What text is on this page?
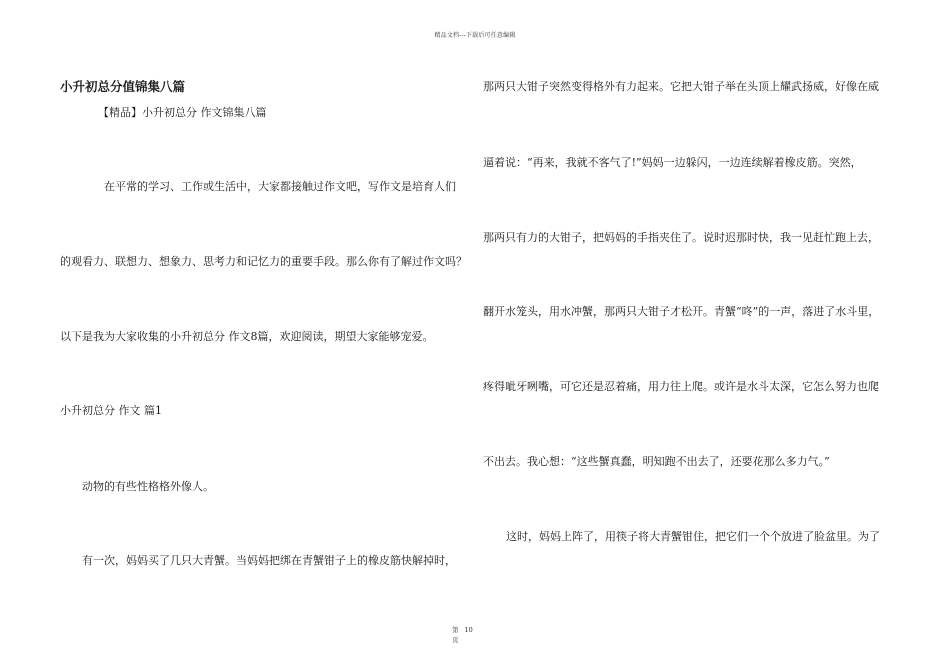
精品文档---下载后可任意编辑
小升初总分值锦集八篇
【精品】小升初总分 作文锦集八篇
在平常的学习、工作或生活中，大家都接触过作文吧，写作文是培育人们
的观看力、联想力、想象力、思考力和记忆力的重要手段。那么你有了解过作文吗？
以下是我为大家收集的小升初总分 作文8篇，欢迎阅读，期望大家能够宠爱。
小升初总分 作文 篇1
动物的有些性格格外像人。
有一次，妈妈买了几只大青蟹。当妈妈把绑在青蟹钳子上的橡皮筋快解掉时，
那两只大钳子突然变得格外有力起来。它把大钳子举在头顶上耀武扬威，好像在威
逼着说：“再来，我就不客气了!”妈妈一边躲闪，一边连续解着橡皮筋。突然，
那两只有力的大钳子，把妈妈的手指夹住了。说时迟那时快，我一见赶忙跑上去，
翻开水笼头，用水冲蟹，那两只大钳子才松开。青蟹“咚”的一声，落进了水斗里，
疼得呲牙咧嘴，可它还是忍着痛，用力往上爬。或许是水斗太深，它怎么努力也爬
不出去。我心想：“这些蟹真蠢，明知跑不出去了，还要花那么多力气。”
这时，妈妈上阵了，用筷子将大青蟹钳住，把它们一个个放进了脸盆里。为了
第 10
页
